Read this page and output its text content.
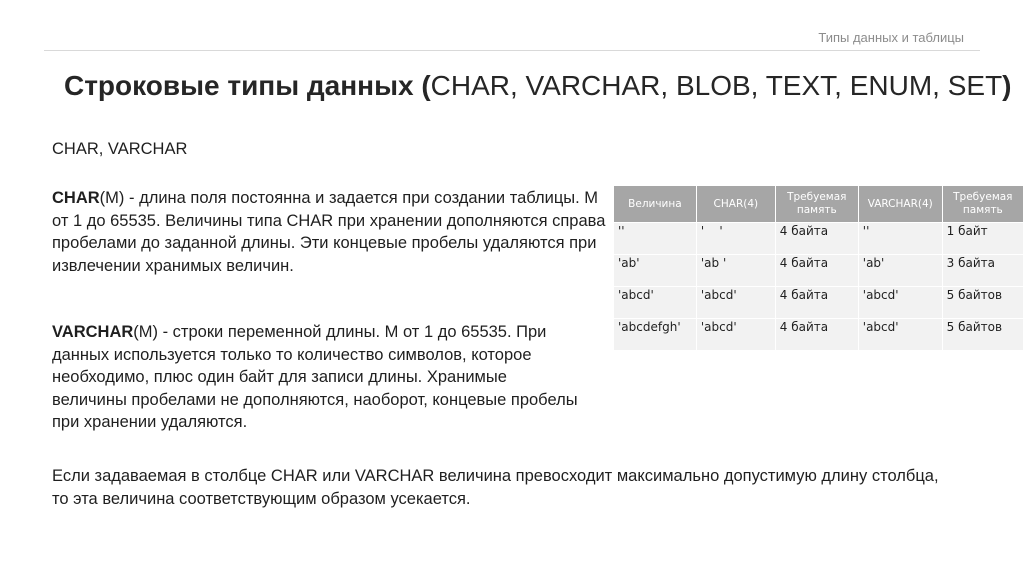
Типы данных и таблицы
Строковые типы данных (CHAR, VARCHAR, BLOB, TEXT, ENUM, SET)
CHAR, VARCHAR
CHAR(M) - длина поля постоянна и задается при создании таблицы. M от 1 до 65535. Величины типа CHAR при хранении дополняются справа пробелами до заданной длины. Эти концевые пробелы удаляются при извлечении хранимых величин.
VARCHAR(M) - строки переменной длины. M от 1 до 65535. При данных используется только то количество символов, которое необходимо, плюс один байт для записи длины. Хранимые величины пробелами не дополняются, наоборот, концевые пробелы при хранении удаляются.
Если задаваемая в столбце CHAR или VARCHAR величина превосходит максимально допустимую длину столбца, то эта величина соответствующим образом усекается.
Величина	CHAR(4)	Требуемая память	VARCHAR(4)	Требуемая память
''	'    '	4 байта	''	1 байт
'ab'	'ab '	4 байта	'ab'	3 байта
'abcd'	'abcd'	4 байта	'abcd'	5 байтов
'abcdefgh'	'abcd'	4 байта	'abcd'	5 байтов
